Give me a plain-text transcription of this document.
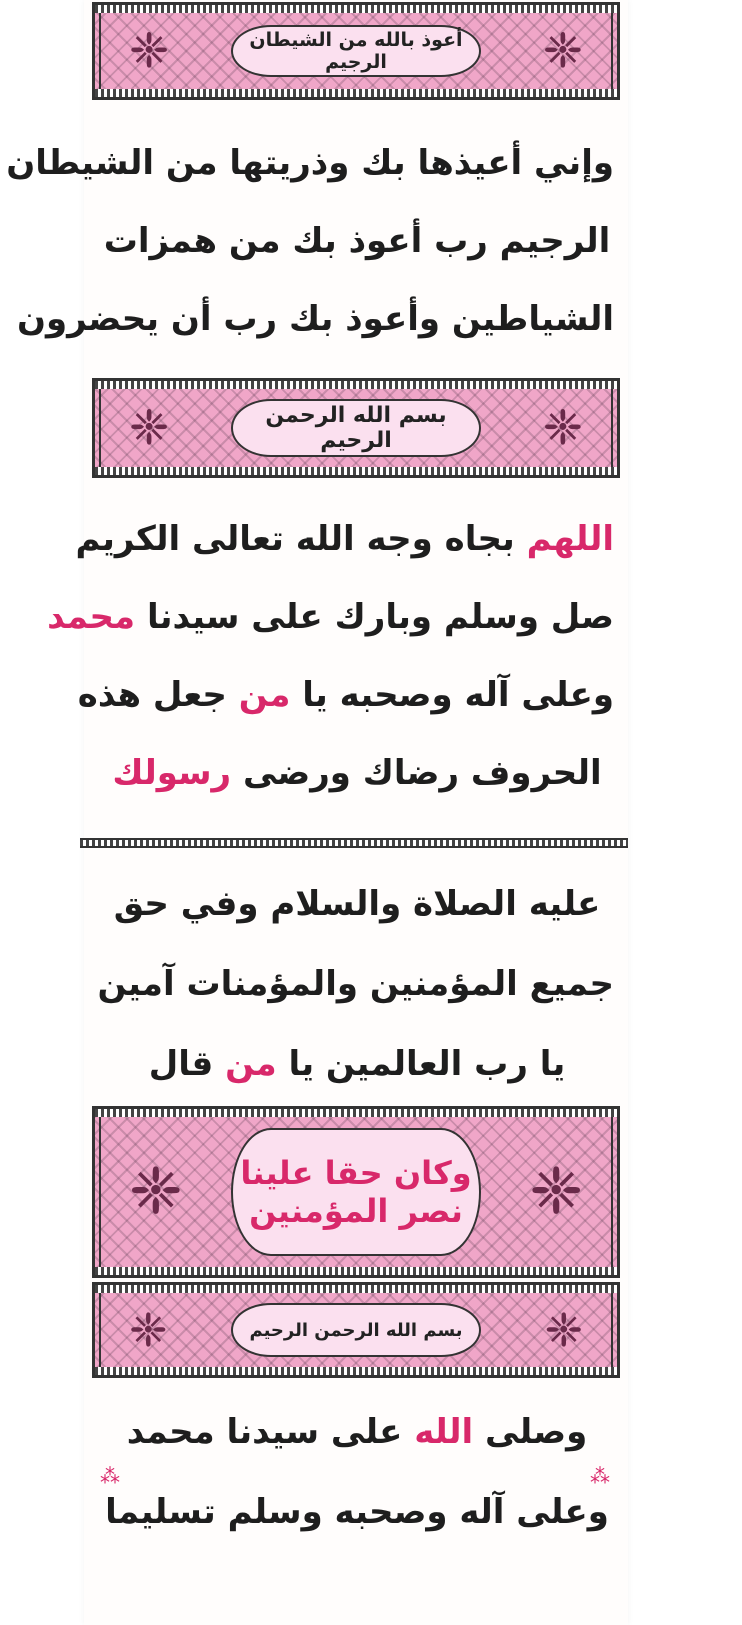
❈	❈
أعوذ بالله من الشيطان الرجيم
وإني أعيذها بك وذريتها من الشيطان
الرجيم رب أعوذ بك من همزات
الشياطين وأعوذ بك رب أن يحضرون
❈	❈
بسم الله الرحمن الرحيم
اللهم بجاه وجه الله تعالى الكريم
صل وسلم وبارك على سيدنا محمد
وعلى آله وصحبه يا من جعل هذه
الحروف رضاك ورضى رسولك
عليه الصلاة والسلام وفي حق
جميع المؤمنين والمؤمنات آمين
يا رب العالمين يا من قال
❈	❈
وكان حقا علينا
نصر المؤمنين
❈	❈
بسم الله الرحمن الرحيم
وصلى الله على سيدنا محمد
وعلى آله وصحبه وسلم تسليما
⁂	⁂
